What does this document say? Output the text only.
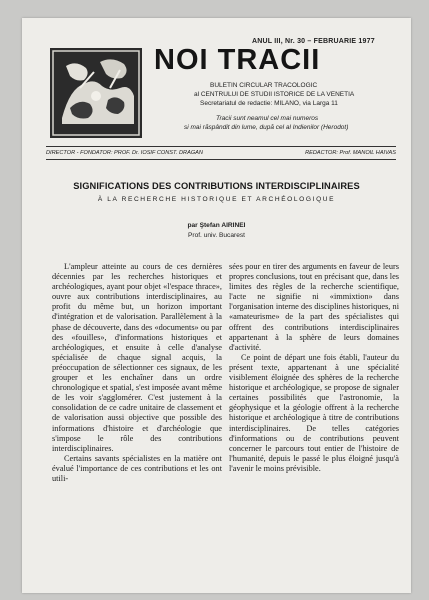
ANUL III, Nr. 30 – FEBRUARIE 1977
NOI TRACII
BULETIN CIRCULAR TRACOLOGIC
al CENTRULUI DE STUDII ISTORICE DE LA VENETIA
Secretariatul de redactie: MILANO, via Larga 11
Tracii sunt neamul cel mai numeros
si mai răspândit din lume, după cel al Indienilor (Herodot)
DIRECTOR - FONDATOR: PROF. Dr. IOSIF CONST. DRAGAN	REDACTOR: Prof. MANOIL HAIVAS
SIGNIFICATIONS DES CONTRIBUTIONS INTERDISCIPLINAIRES
À LA RECHERCHE HISTORIQUE ET ARCHÉOLOGIQUE
par Ştefan AIRINEI
Prof. univ. Bucarest

L'ampleur atteinte au cours de ces dernières décennies par les recherches historiques et archéologiques, ayant pour objet «l'espace thrace», ouvre aux contributions interdisciplinaires, au profit du même but, un horizon important d'intégration et de valorisation. Parallèlement à la phase de découverte, dans des «documents» ou par des «fouilles», d'informations historiques et archéologiques, et ensuite à celle d'analyse spécialisée de chaque signal acquis, la préoccupation de sélectionner ces signaux, de les grouper et les enchaîner dans un ordre chronologique et spatial, s'est imposée avant même de les voir s'agglomérer. C'est justement à la consolidation de ce cadre unitaire de classement et de valorisation aussi objective que possible des informations d'histoire et d'archéologie que s'impose le rôle des contributions interdisciplinaires.

Certains savants spécialistes en la matière ont évalué l'importance de ces contributions et les ont utili-

sées pour en tirer des arguments en faveur de leurs propres conclusions, tout en précisant que, dans les limites des règles de la recherche scientifique, l'acte ne signifie ni «immixtion» dans l'organisation interne des disciplines historiques, ni «amateurisme» de la part des spécialistes qui offrent des contributions interdisciplinaires appartenant à la sphère de leurs domaines d'activité.

Ce point de départ une fois établi, l'auteur du présent texte, appartenant à une spécialité visiblement éloignée des sphères de la recherche historique et archéologique, se propose de signaler certaines possibilités que l'astronomie, la géophysique et la géologie offrent à la recherche historique et archéologique à titre de contributions interdisciplinaires. De telles catégories d'informations ou de contributions peuvent concerner le parcours tout entier de l'histoire de l'humanité, depuis le passé le plus éloigné jusqu'à l'avenir le moins prévisible.
